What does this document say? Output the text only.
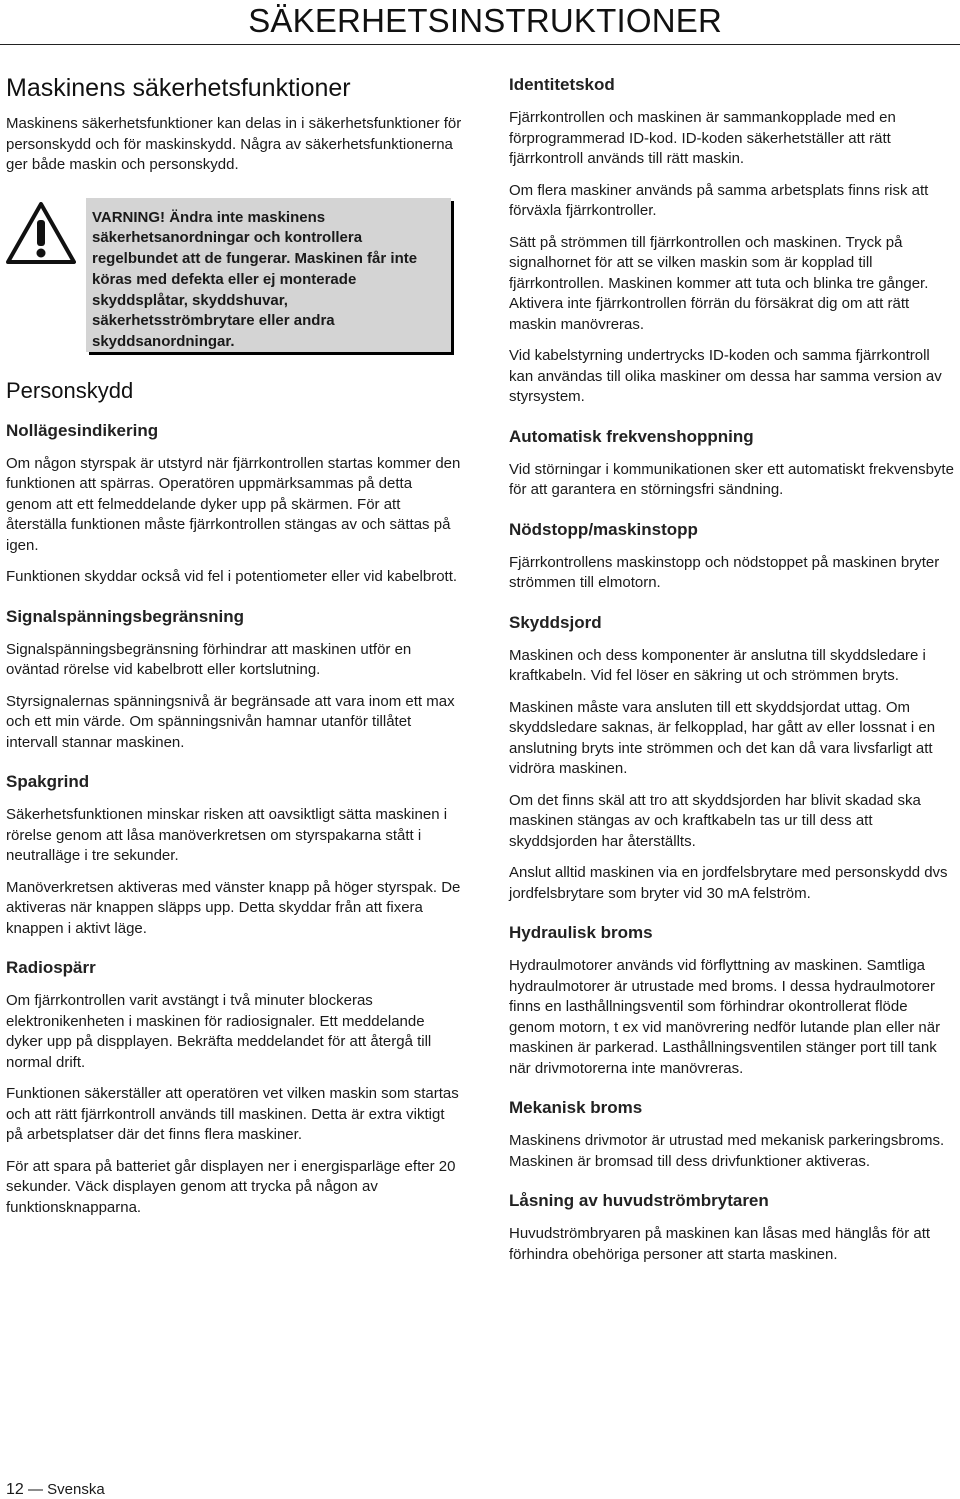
SÄKERHETSINSTRUKTIONER
Maskinens säkerhetsfunktioner

Maskinens säkerhetsfunktioner kan delas in i säkerhetsfunktioner för personskydd och för maskinskydd. Några av säkerhetsfunktionerna ger både maskin och personskydd.

VARNING! Ändra inte maskinens säkerhetsanordningar och kontrollera regelbundet att de fungerar. Maskinen får inte köras med defekta eller ej monterade skyddsplåtar, skyddshuvar, säkerhetsströmbrytare eller andra skyddsanordningar.

Personskydd
Nollägesindikering

Om någon styrspak är utstyrd när fjärrkontrollen startas kommer den funktionen att spärras. Operatören uppmärksammas på detta genom att ett felmeddelande dyker upp på skärmen. För att återställa funktionen måste fjärrkontrollen stängas av och sättas på igen.

Funktionen skyddar också vid fel i potentiometer eller vid kabelbrott.

Signalspänningsbegränsning

Signalspänningsbegränsning förhindrar att maskinen utför en oväntad rörelse vid kabelbrott eller kortslutning.

Styrsignalernas spänningsnivå är begränsade att vara inom ett max och ett min värde. Om spänningsnivån hamnar utanför tillåtet intervall stannar maskinen.

Spakgrind

Säkerhetsfunktionen minskar risken att oavsiktligt sätta maskinen i rörelse genom att låsa manöverkretsen om styrspakarna stått i neutralläge i tre sekunder.

Manöverkretsen aktiveras med vänster knapp på höger styrspak. De aktiveras när knappen släpps upp. Detta skyddar från att fixera knappen i aktivt läge.

Radiospärr

Om fjärrkontrollen varit avstängt i två minuter blockeras elektronikenheten i maskinen för radiosignaler. Ett meddelande dyker upp på dispplayen. Bekräfta meddelandet för att återgå till normal drift.

Funktionen säkerställer att operatören vet vilken maskin som startas och att rätt fjärrkontroll används till maskinen. Detta är extra viktigt på arbetsplatser där det finns flera maskiner.

För att spara på batteriet går displayen ner i energisparläge efter 20 sekunder. Väck displayen genom att trycka på någon av funktionsknapparna.

Identitetskod

Fjärrkontrollen och maskinen är sammankopplade med en förprogrammerad ID-kod. ID-koden säkerhetställer att rätt fjärrkontroll används till rätt maskin.

Om flera maskiner används på samma arbetsplats finns risk att förväxla fjärrkontroller.

Sätt på strömmen till fjärrkontrollen och maskinen. Tryck på signalhornet för att se vilken maskin som är kopplad till fjärrkontrollen. Maskinen kommer att tuta och blinka tre gånger. Aktivera inte fjärrkontrollen förrän du försäkrat dig om att rätt maskin manövreras.

Vid kabelstyrning undertrycks ID-koden och samma fjärrkontroll kan användas till olika maskiner om dessa har samma version av styrsystem.

Automatisk frekvenshoppning

Vid störningar i kommunikationen sker ett automatiskt frekvensbyte för att garantera en störningsfri sändning.

Nödstopp/maskinstopp

Fjärrkontrollens maskinstopp och nödstoppet på maskinen bryter strömmen till elmotorn.

Skyddsjord

Maskinen och dess komponenter är anslutna till skyddsledare i kraftkabeln. Vid fel löser en säkring ut och strömmen bryts.

Maskinen måste vara ansluten till ett skyddsjordat uttag. Om skyddsledare saknas, är felkopplad, har gått av eller lossnat i en anslutning bryts inte strömmen och det kan då vara livsfarligt att vidröra maskinen.

Om det finns skäl att tro att skyddsjorden har blivit skadad ska maskinen stängas av och kraftkabeln tas ur till dess att skyddsjorden har återställts.

Anslut alltid maskinen via en jordfelsbrytare med personskydd dvs jordfelsbrytare som bryter vid 30 mA felström.

Hydraulisk broms

Hydraulmotorer används vid förflyttning av maskinen. Samtliga hydraulmotorer är utrustade med broms. I dessa hydraulmotorer finns en lasthållningsventil som förhindrar okontrollerat flöde genom motorn, t ex vid manövrering nedför lutande plan eller när maskinen är parkerad. Lasthållningsventilen stänger port till tank när drivmotorerna inte manövreras.

Mekanisk broms

Maskinens drivmotor är utrustad med mekanisk parkeringsbroms. Maskinen är bromsad till dess drivfunktioner aktiveras.

Låsning av huvudströmbrytaren

Huvudströmbryaren på maskinen kan låsas med hänglås för att förhindra obehöriga personer att starta maskinen.

12 — Svenska
